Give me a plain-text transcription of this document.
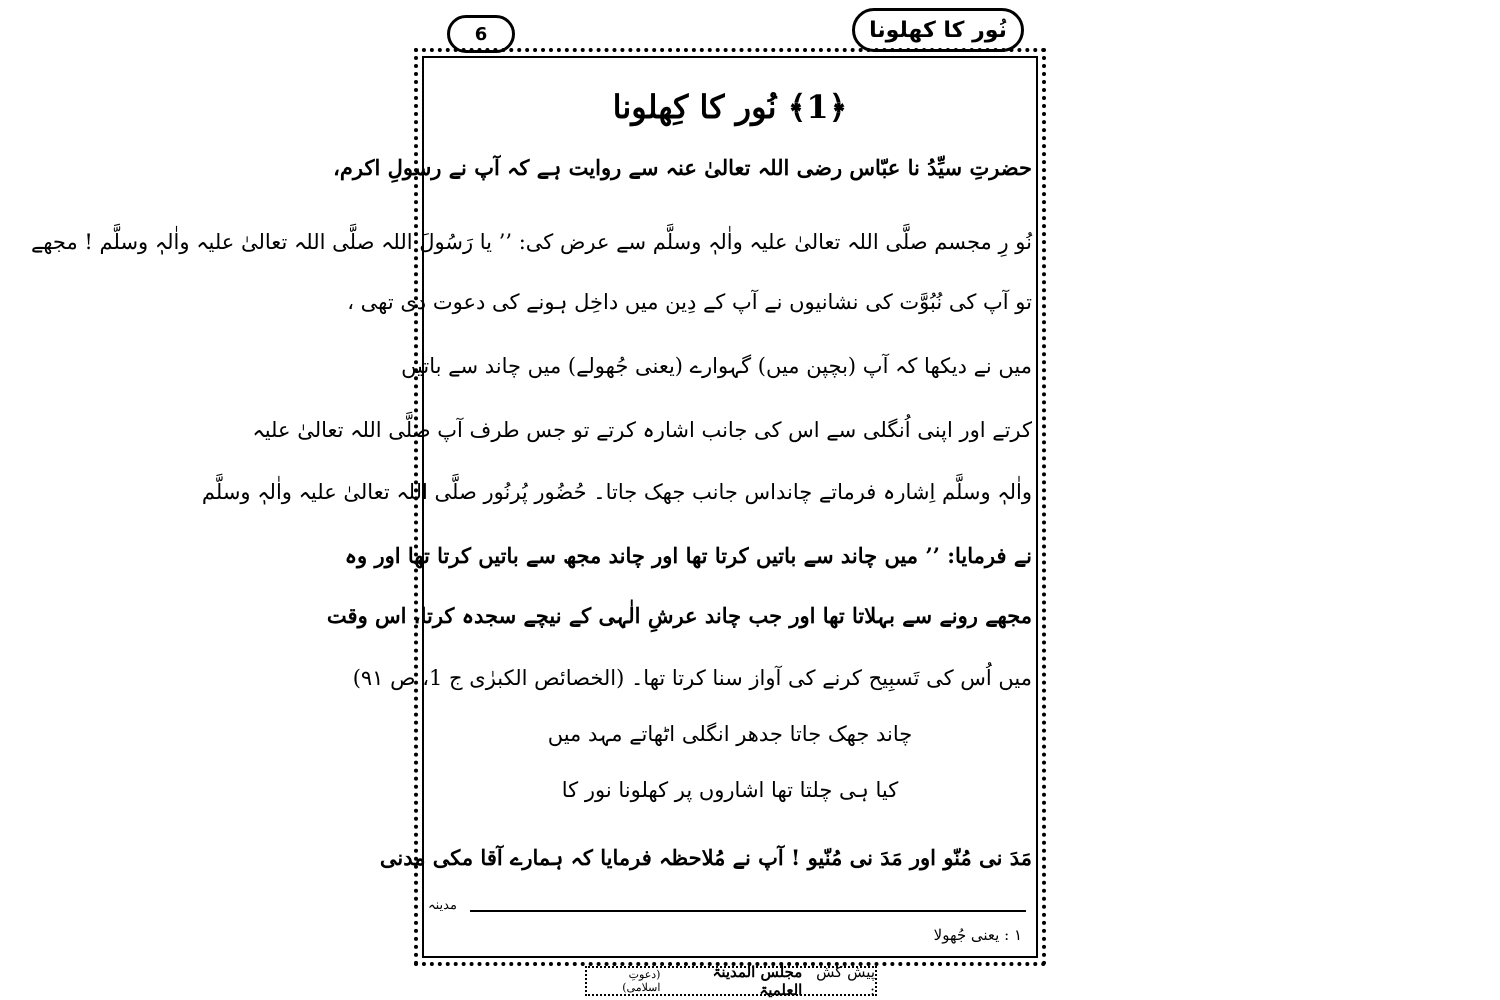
6	نُور کا کھلونا
﴿1﴾ نُور کا کِھلونا
حضرتِ سیِّدُ نا عبّاس رضی اللہ تعالیٰ عنہ سے روایت ہے کہ آپ نے رسولِ اکرم،
نُو رِ مجسم صلَّی اللہ تعالیٰ علیہ واٰلہٖ وسلَّم سے عرض کی: ’’ یا رَسُولَ اللہ صلَّی اللہ تعالیٰ علیہ واٰلہٖ وسلَّم ! مجھے
تو آپ کی نُبُوَّت کی نشانیوں نے آپ کے دِین میں داخِل ہونے کی دعوت دی تھی ،
میں نے دیکھا کہ آپ (بچپن میں) گہوارے (یعنی جُھولے) میں چاند سے باتیں
کرتے اور اپنی اُنگلی سے اس کی جانب اشارہ کرتے تو جس طرف آپ صلَّی اللہ تعالیٰ علیہ
واٰلہٖ وسلَّم اِشارہ فرماتے چانداس جانب جھک جاتا۔ حُضُور پُرنُور صلَّی اللہ تعالیٰ علیہ واٰلہٖ وسلَّم
نے فرمایا: ’’ میں چاند سے باتیں کرتا تھا اور چاند مجھ سے باتیں کرتا تھا اور وہ
مجھے رونے سے بہلاتا تھا اور جب چاند عرشِ الٰہی کے نیچے سجدہ کرتا، اس وقت
میں اُس کی تَسبِیح کرنے کی آواز سنا کرتا تھا۔ (الخصائص الکبرٰی ج 1، ص ۹۱)
چاند جھک جاتا جدھر انگلی اٹھاتے مہد میں
کیا ہی چلتا تھا اشاروں پر کھلونا نور کا
مَدَ نی مُنّو اور مَدَ نی مُنّیو ! آپ نے مُلاحظہ فرمایا کہ ہمارے آقا مکی مدنی
مدینہ
۱ : یعنی جُھولا
پیش کش :
مجلس المدینۃ العلمیۃ
(دعوتِ اسلامی)
